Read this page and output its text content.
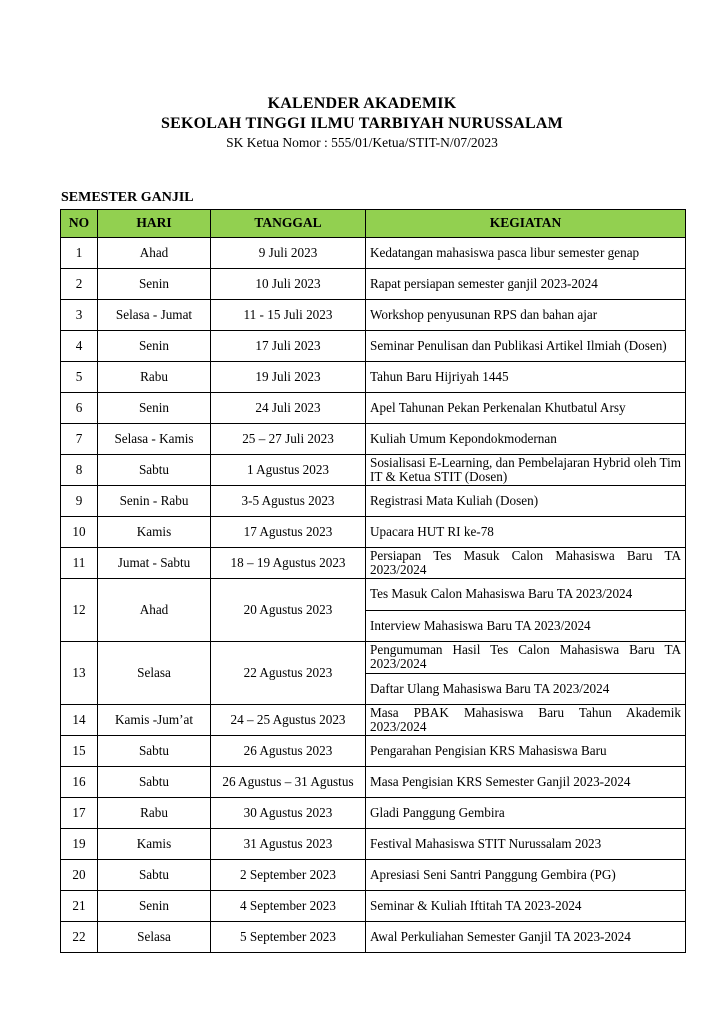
KALENDER AKADEMIK
SEKOLAH TINGGI ILMU TARBIYAH NURUSSALAM
SK Ketua Nomor : 555/01/Ketua/STIT-N/07/2023
SEMESTER GANJIL
NO	HARI	TANGGAL	KEGIATAN
1	Ahad	9 Juli 2023	Kedatangan mahasiswa pasca libur semester genap
2	Senin	10 Juli 2023	Rapat persiapan semester ganjil 2023-2024
3	Selasa - Jumat	11 - 15 Juli 2023	Workshop penyusunan RPS dan bahan ajar
4	Senin	17 Juli 2023	Seminar Penulisan dan Publikasi Artikel Ilmiah (Dosen)
5	Rabu	19 Juli 2023	Tahun Baru Hijriyah 1445
6	Senin	24 Juli 2023	Apel Tahunan Pekan Perkenalan Khutbatul Arsy
7	Selasa - Kamis	25 – 27 Juli 2023	Kuliah Umum Kepondokmodernan
8	Sabtu	1 Agustus 2023	Sosialisasi E-Learning, dan Pembelajaran Hybrid oleh Tim IT & Ketua STIT (Dosen)
9	Senin - Rabu	3-5 Agustus 2023	Registrasi Mata Kuliah (Dosen)
10	Kamis	17 Agustus 2023	Upacara HUT RI ke-78
11	Jumat - Sabtu	18 – 19 Agustus 2023	Persiapan Tes Masuk Calon Mahasiswa Baru TA 2023/2024
12	Ahad	20 Agustus 2023	Tes Masuk Calon Mahasiswa Baru TA 2023/2024
			Interview Mahasiswa Baru TA 2023/2024
13	Selasa	22 Agustus 2023	Pengumuman Hasil Tes Calon Mahasiswa Baru TA 2023/2024
			Daftar Ulang Mahasiswa Baru TA 2023/2024
14	Kamis -Jum’at	24 – 25 Agustus 2023	Masa PBAK Mahasiswa Baru Tahun Akademik 2023/2024
15	Sabtu	26 Agustus 2023	Pengarahan Pengisian KRS Mahasiswa Baru
16	Sabtu	26 Agustus – 31 Agustus	Masa Pengisian KRS Semester Ganjil 2023-2024
17	Rabu	30 Agustus 2023	Gladi Panggung Gembira
19	Kamis	31 Agustus 2023	Festival Mahasiswa STIT Nurussalam 2023
20	Sabtu	2 September 2023	Apresiasi Seni Santri Panggung Gembira (PG)
21	Senin	4 September 2023	Seminar & Kuliah Iftitah TA 2023-2024
22	Selasa	5 September 2023	Awal Perkuliahan Semester Ganjil TA 2023-2024
